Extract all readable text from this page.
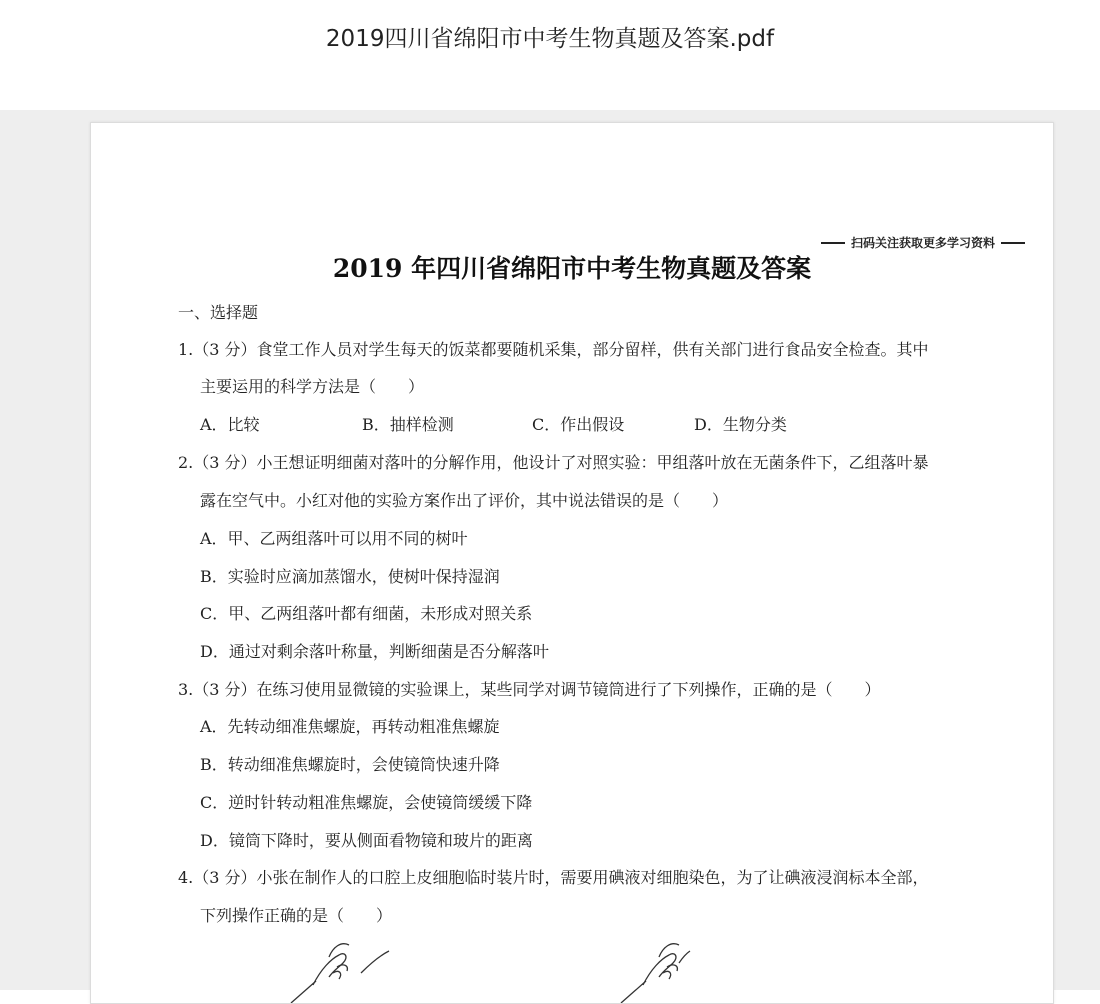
2019四川省绵阳市中考生物真题及答案.pdf
扫码关注获取更多学习资料
2019 年四川省绵阳市中考生物真题及答案
一、选择题
1.（3 分）食堂工作人员对学生每天的饭菜都要随机采集，部分留样，供有关部门进行食品安全检查。其中
主要运用的科学方法是（　　）
A．比较	B．抽样检测	C．作出假设	D．生物分类
2.（3 分）小王想证明细菌对落叶的分解作用，他设计了对照实验：甲组落叶放在无菌条件下，乙组落叶暴
露在空气中。小红对他的实验方案作出了评价，其中说法错误的是（　　）
A．甲、乙两组落叶可以用不同的树叶
B．实验时应滴加蒸馏水，使树叶保持湿润
C．甲、乙两组落叶都有细菌，未形成对照关系
D．通过对剩余落叶称量，判断细菌是否分解落叶
3.（3 分）在练习使用显微镜的实验课上，某些同学对调节镜筒进行了下列操作，正确的是（　　）
A．先转动细准焦螺旋，再转动粗准焦螺旋
B．转动细准焦螺旋时，会使镜筒快速升降
C．逆时针转动粗准焦螺旋，会使镜筒缓缓下降
D．镜筒下降时，要从侧面看物镜和玻片的距离
4.（3 分）小张在制作人的口腔上皮细胞临时装片时，需要用碘液对细胞染色，为了让碘液浸润标本全部，
下列操作正确的是（　　）
